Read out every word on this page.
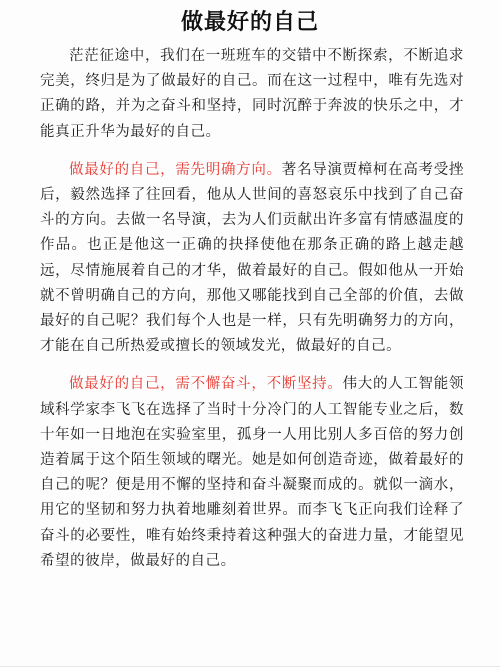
做最好的自己

茫茫征途中，我们在一班班车的交错中不断探索，不断追求完美，终归是为了做最好的自己。而在这一过程中，唯有先选对正确的路，并为之奋斗和坚持，同时沉醉于奔波的快乐之中，才能真正升华为最好的自己。

做最好的自己，需先明确方向。著名导演贾樟柯在高考受挫后，毅然选择了往回看，他从人世间的喜怒哀乐中找到了自己奋斗的方向。去做一名导演，去为人们贡献出许多富有情感温度的作品。也正是他这一正确的抉择使他在那条正确的路上越走越远，尽情施展着自己的才华，做着最好的自己。假如他从一开始就不曾明确自己的方向，那他又哪能找到自己全部的价值，去做最好的自己呢？我们每个人也是一样，只有先明确努力的方向，才能在自己所热爱或擅长的领域发光，做最好的自己。

做最好的自己，需不懈奋斗，不断坚持。伟大的人工智能领域科学家李飞飞在选择了当时十分冷门的人工智能专业之后，数十年如一日地泡在实验室里，孤身一人用比别人多百倍的努力创造着属于这个陌生领域的曙光。她是如何创造奇迹，做着最好的自己的呢？便是用不懈的坚持和奋斗凝聚而成的。就似一滴水，用它的坚韧和努力执着地雕刻着世界。而李飞飞正向我们诠释了奋斗的必要性，唯有始终秉持着这种强大的奋进力量，才能望见希望的彼岸，做最好的自己。
